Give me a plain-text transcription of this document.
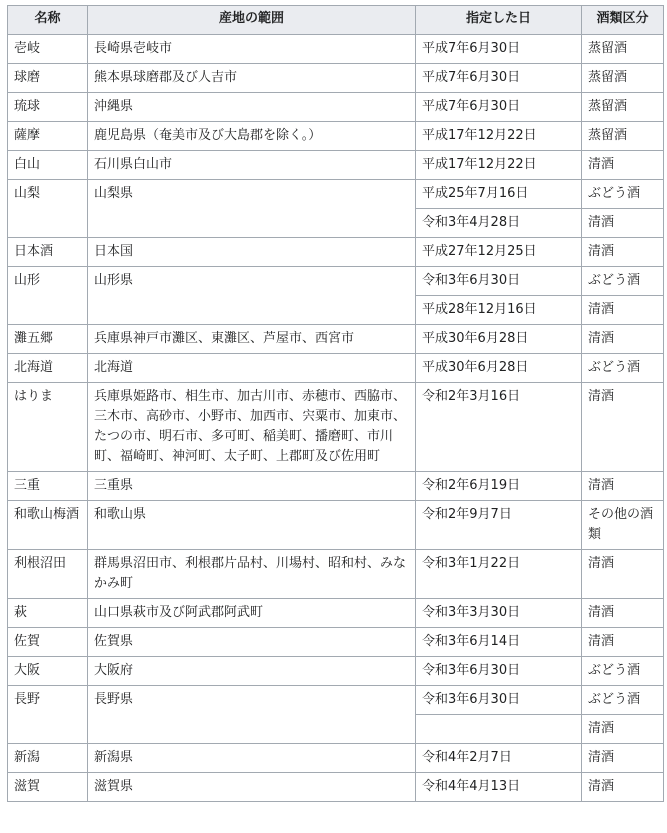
名称	産地の範囲	指定した日	酒類区分
壱岐	長崎県壱岐市	平成7年6月30日	蒸留酒
球磨	熊本県球磨郡及び人吉市	平成7年6月30日	蒸留酒
琉球	沖縄県	平成7年6月30日	蒸留酒
薩摩	鹿児島県（奄美市及び大島郡を除く。）	平成17年12月22日	蒸留酒
白山	石川県白山市	平成17年12月22日	清酒
山梨	山梨県	平成25年7月16日	ぶどう酒
		令和3年4月28日	清酒
日本酒	日本国	平成27年12月25日	清酒
山形	山形県	令和3年6月30日	ぶどう酒
		平成28年12月16日	清酒
灘五郷	兵庫県神戸市灘区、東灘区、芦屋市、西宮市	平成30年6月28日	清酒
北海道	北海道	平成30年6月28日	ぶどう酒
はりま	兵庫県姫路市、相生市、加古川市、赤穂市、西脇市、三木市、高砂市、小野市、加西市、宍粟市、加東市、たつの市、明石市、多可町、稲美町、播磨町、市川町、福崎町、神河町、太子町、上郡町及び佐用町	令和2年3月16日	清酒
三重	三重県	令和2年6月19日	清酒
和歌山梅酒	和歌山県	令和2年9月7日	その他の酒類
利根沼田	群馬県沼田市、利根郡片品村、川場村、昭和村、みなかみ町	令和3年1月22日	清酒
萩	山口県萩市及び阿武郡阿武町	令和3年3月30日	清酒
佐賀	佐賀県	令和3年6月14日	清酒
大阪	大阪府	令和3年6月30日	ぶどう酒
長野	長野県	令和3年6月30日	ぶどう酒
			清酒
新潟	新潟県	令和4年2月7日	清酒
滋賀	滋賀県	令和4年4月13日	清酒
